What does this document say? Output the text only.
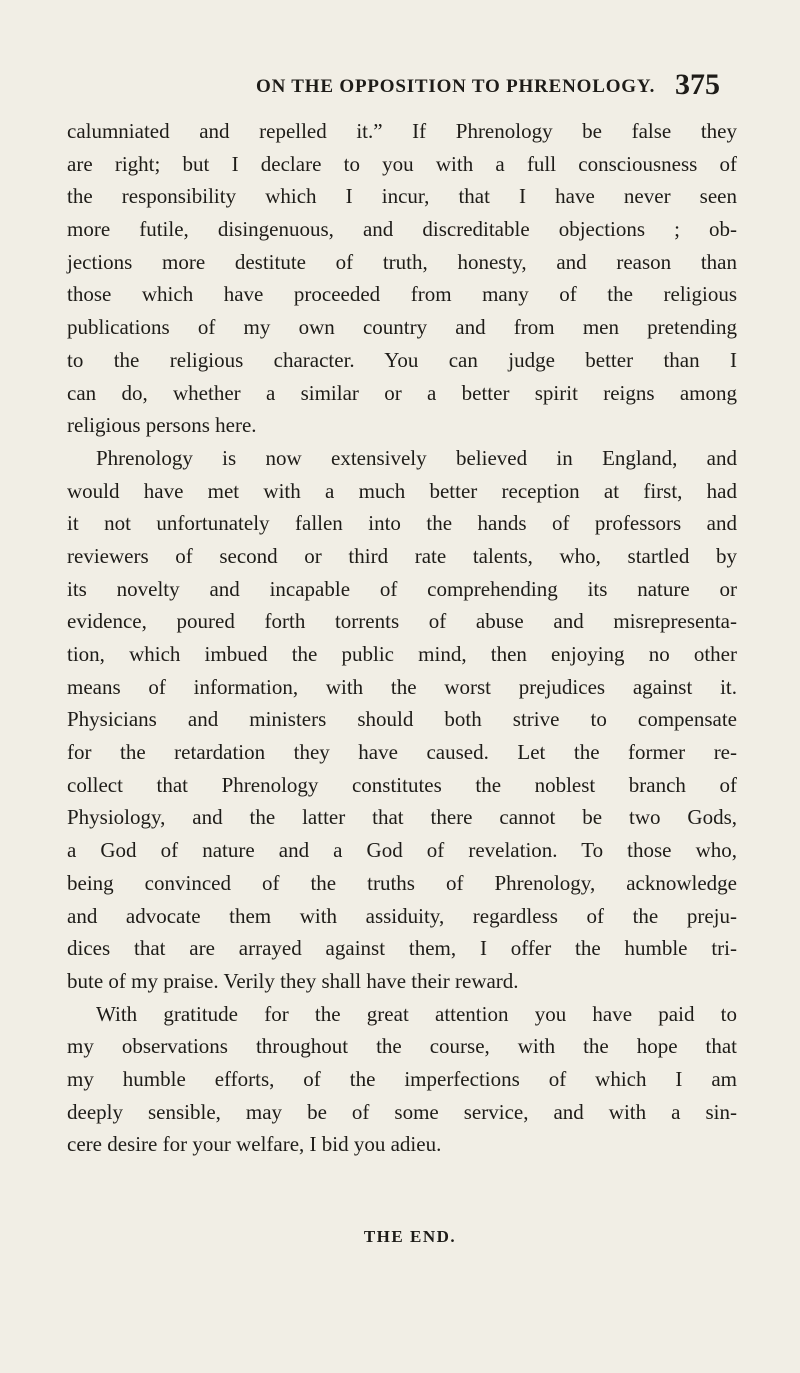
ON THE OPPOSITION TO PHRENOLOGY. 375
calumniated and repelled it.” If Phrenology be false they
are right; but I declare to you with a full consciousness of
the responsibility which I incur, that I have never seen
more futile, disingenuous, and discreditable objections ; ob-
jections more destitute of truth, honesty, and reason than
those which have proceeded from many of the religious
publications of my own country and from men pretending
to the religious character. You can judge better than I
can do, whether a similar or a better spirit reigns among
religious persons here.
Phrenology is now extensively believed in England, and
would have met with a much better reception at first, had
it not unfortunately fallen into the hands of professors and
reviewers of second or third rate talents, who, startled by
its novelty and incapable of comprehending its nature or
evidence, poured forth torrents of abuse and misrepresenta-
tion, which imbued the public mind, then enjoying no other
means of information, with the worst prejudices against it.
Physicians and ministers should both strive to compensate
for the retardation they have caused. Let the former re-
collect that Phrenology constitutes the noblest branch of
Physiology, and the latter that there cannot be two Gods,
a God of nature and a God of revelation. To those who,
being convinced of the truths of Phrenology, acknowledge
and advocate them with assiduity, regardless of the preju-
dices that are arrayed against them, I offer the humble tri-
bute of my praise. Verily they shall have their reward.
With gratitude for the great attention you have paid to
my observations throughout the course, with the hope that
my humble efforts, of the imperfections of which I am
deeply sensible, may be of some service, and with a sin-
cere desire for your welfare, I bid you adieu.
THE END.
